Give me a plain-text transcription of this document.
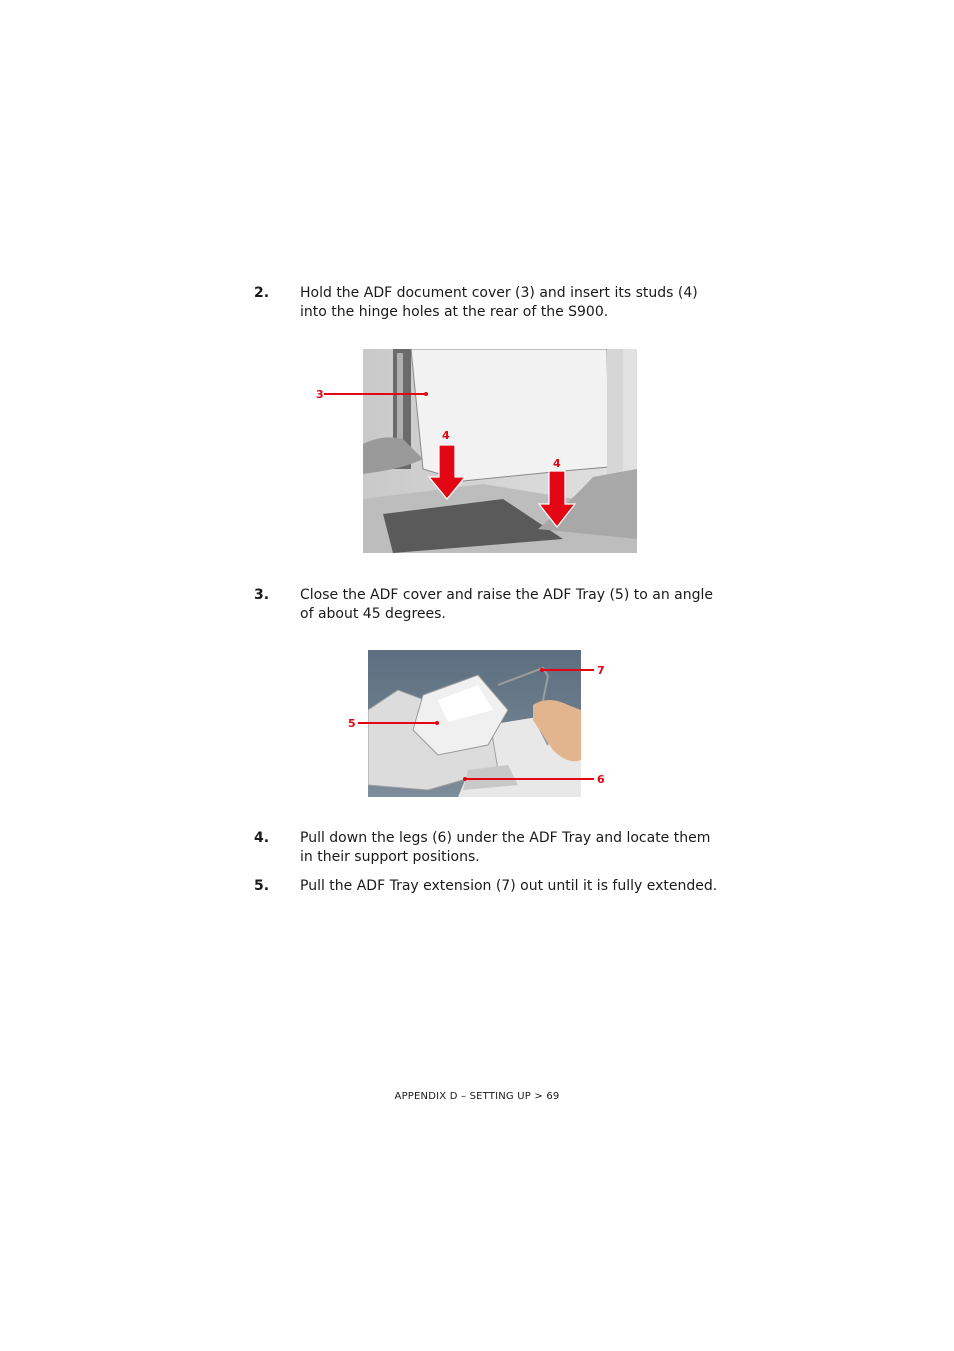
2. Hold the ADF document cover (3) and insert its studs (4) into the hinge holes at the rear of the S900.
3
4
4
3. Close the ADF cover and raise the ADF Tray (5) to an angle of about 45 degrees.
5
7
6
4. Pull down the legs (6) under the ADF Tray and locate them in their support positions.
5. Pull the ADF Tray extension (7) out until it is fully extended.
APPENDIX D – SETTING UP > 69
